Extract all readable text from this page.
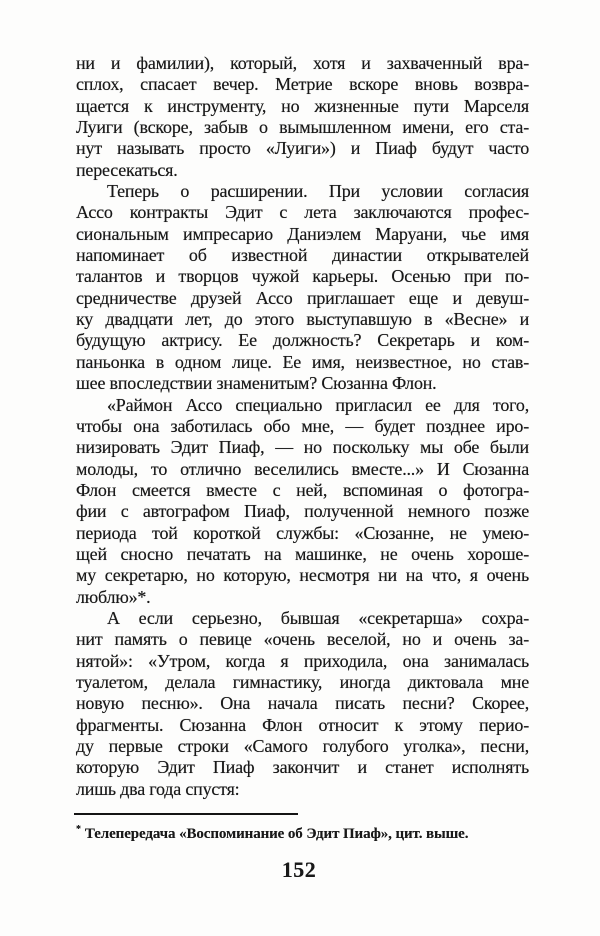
ни и фамилии), который, хотя и захваченный вра-
сплох, спасает вечер. Метрие вскоре вновь возвра-
щается к инструменту, но жизненные пути Марселя
Луиги (вскоре, забыв о вымышленном имени, его ста-
нут называть просто «Луиги») и Пиаф будут часто
пересекаться.
Теперь о расширении. При условии согласия
Ассо контракты Эдит с лета заключаются профес-
сиональным импресарио Даниэлем Маруани, чье имя
напоминает об известной династии открывателей
талантов и творцов чужой карьеры. Осенью при по-
средничестве друзей Ассо приглашает еще и девуш-
ку двадцати лет, до этого выступавшую в «Весне» и
будущую актрису. Ее должность? Секретарь и ком-
паньонка в одном лице. Ее имя, неизвестное, но став-
шее впоследствии знаменитым? Сюзанна Флон.
«Раймон Ассо специально пригласил ее для того,
чтобы она заботилась обо мне, — будет позднее иро-
низировать Эдит Пиаф, — но поскольку мы обе были
молоды, то отлично веселились вместе...» И Сюзанна
Флон смеется вместе с ней, вспоминая о фотогра-
фии с автографом Пиаф, полученной немного позже
периода той короткой службы: «Сюзанне, не умею-
щей сносно печатать на машинке, не очень хороше-
му секретарю, но которую, несмотря ни на что, я очень
люблю»*.
А если серьезно, бывшая «секретарша» сохра-
нит память о певице «очень веселой, но и очень за-
нятой»: «Утром, когда я приходила, она занималась
туалетом, делала гимнастику, иногда диктовала мне
новую песню». Она начала писать песни? Скорее,
фрагменты. Сюзанна Флон относит к этому перио-
ду первые строки «Самого голубого уголка», песни,
которую Эдит Пиаф закончит и станет исполнять
лишь два года спустя:
* Телепередача «Воспоминание об Эдит Пиаф», цит. выше.
152
